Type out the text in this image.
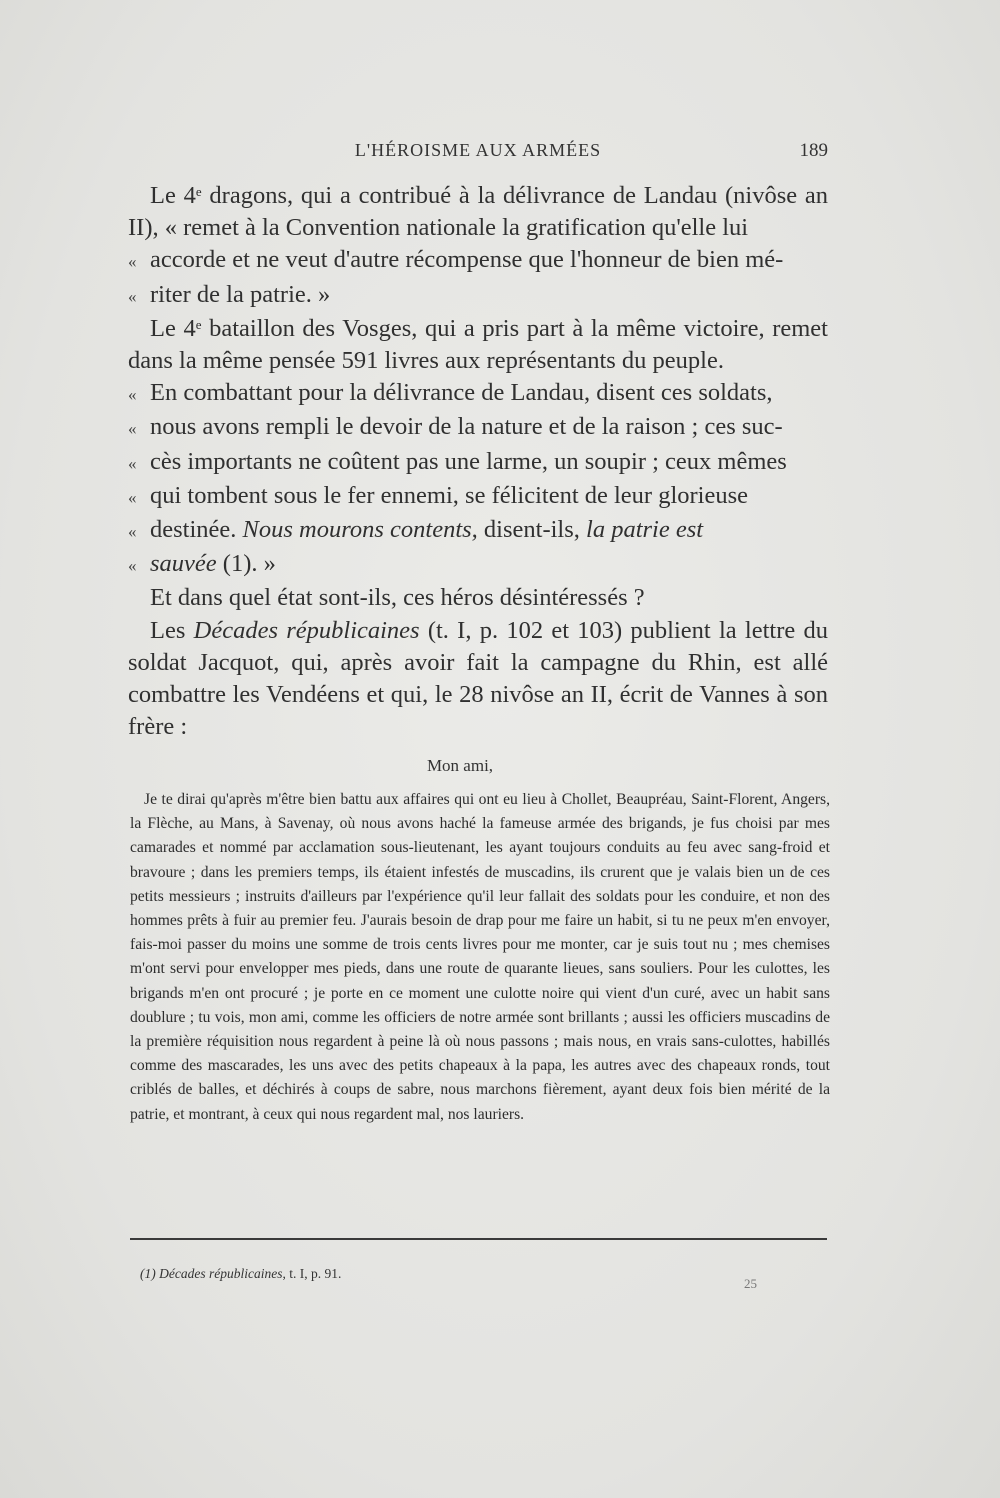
L'HÉROISME AUX ARMÉES	189

Le 4e dragons, qui a contribué à la délivrance de Landau (nivôse an II), « remet à la Convention nationale la gratification qu'elle lui

« accorde et ne veut d'autre récompense que l'honneur de bien mé-

« riter de la patrie. »

Le 4e bataillon des Vosges, qui a pris part à la même victoire, remet dans la même pensée 591 livres aux représentants du peuple.

« En combattant pour la délivrance de Landau, disent ces soldats,

« nous avons rempli le devoir de la nature et de la raison ; ces suc-

« cès importants ne coûtent pas une larme, un soupir ; ceux mêmes

« qui tombent sous le fer ennemi, se félicitent de leur glorieuse

« destinée. Nous mourons contents, disent-ils, la patrie est

« sauvée (1). »

Et dans quel état sont-ils, ces héros désintéressés ?

Les Décades républicaines (t. I, p. 102 et 103) publient la lettre du soldat Jacquot, qui, après avoir fait la campagne du Rhin, est allé combattre les Vendéens et qui, le 28 nivôse an II, écrit de Vannes à son frère :

Mon ami,

Je te dirai qu'après m'être bien battu aux affaires qui ont eu lieu à Chollet, Beaupréau, Saint-Florent, Angers, la Flèche, au Mans, à Savenay, où nous avons haché la fameuse armée des brigands, je fus choisi par mes camarades et nommé par acclamation sous-lieutenant, les ayant toujours conduits au feu avec sang-froid et bravoure ; dans les premiers temps, ils étaient infestés de muscadins, ils crurent que je valais bien un de ces petits messieurs ; instruits d'ailleurs par l'expérience qu'il leur fallait des soldats pour les conduire, et non des hommes prêts à fuir au premier feu. J'aurais besoin de drap pour me faire un habit, si tu ne peux m'en envoyer, fais-moi passer du moins une somme de trois cents livres pour me monter, car je suis tout nu ; mes chemises m'ont servi pour envelopper mes pieds, dans une route de quarante lieues, sans souliers. Pour les culottes, les brigands m'en ont procuré ; je porte en ce moment une culotte noire qui vient d'un curé, avec un habit sans doublure ; tu vois, mon ami, comme les officiers de notre armée sont brillants ; aussi les officiers muscadins de la première réquisition nous regardent à peine là où nous passons ; mais nous, en vrais sans-culottes, habillés comme des mascarades, les uns avec des petits chapeaux à la papa, les autres avec des chapeaux ronds, tout criblés de balles, et déchirés à coups de sabre, nous marchons fièrement, ayant deux fois bien mérité de la patrie, et montrant, à ceux qui nous regardent mal, nos lauriers.

(1) Décades républicaines, t. I, p. 91.
25
